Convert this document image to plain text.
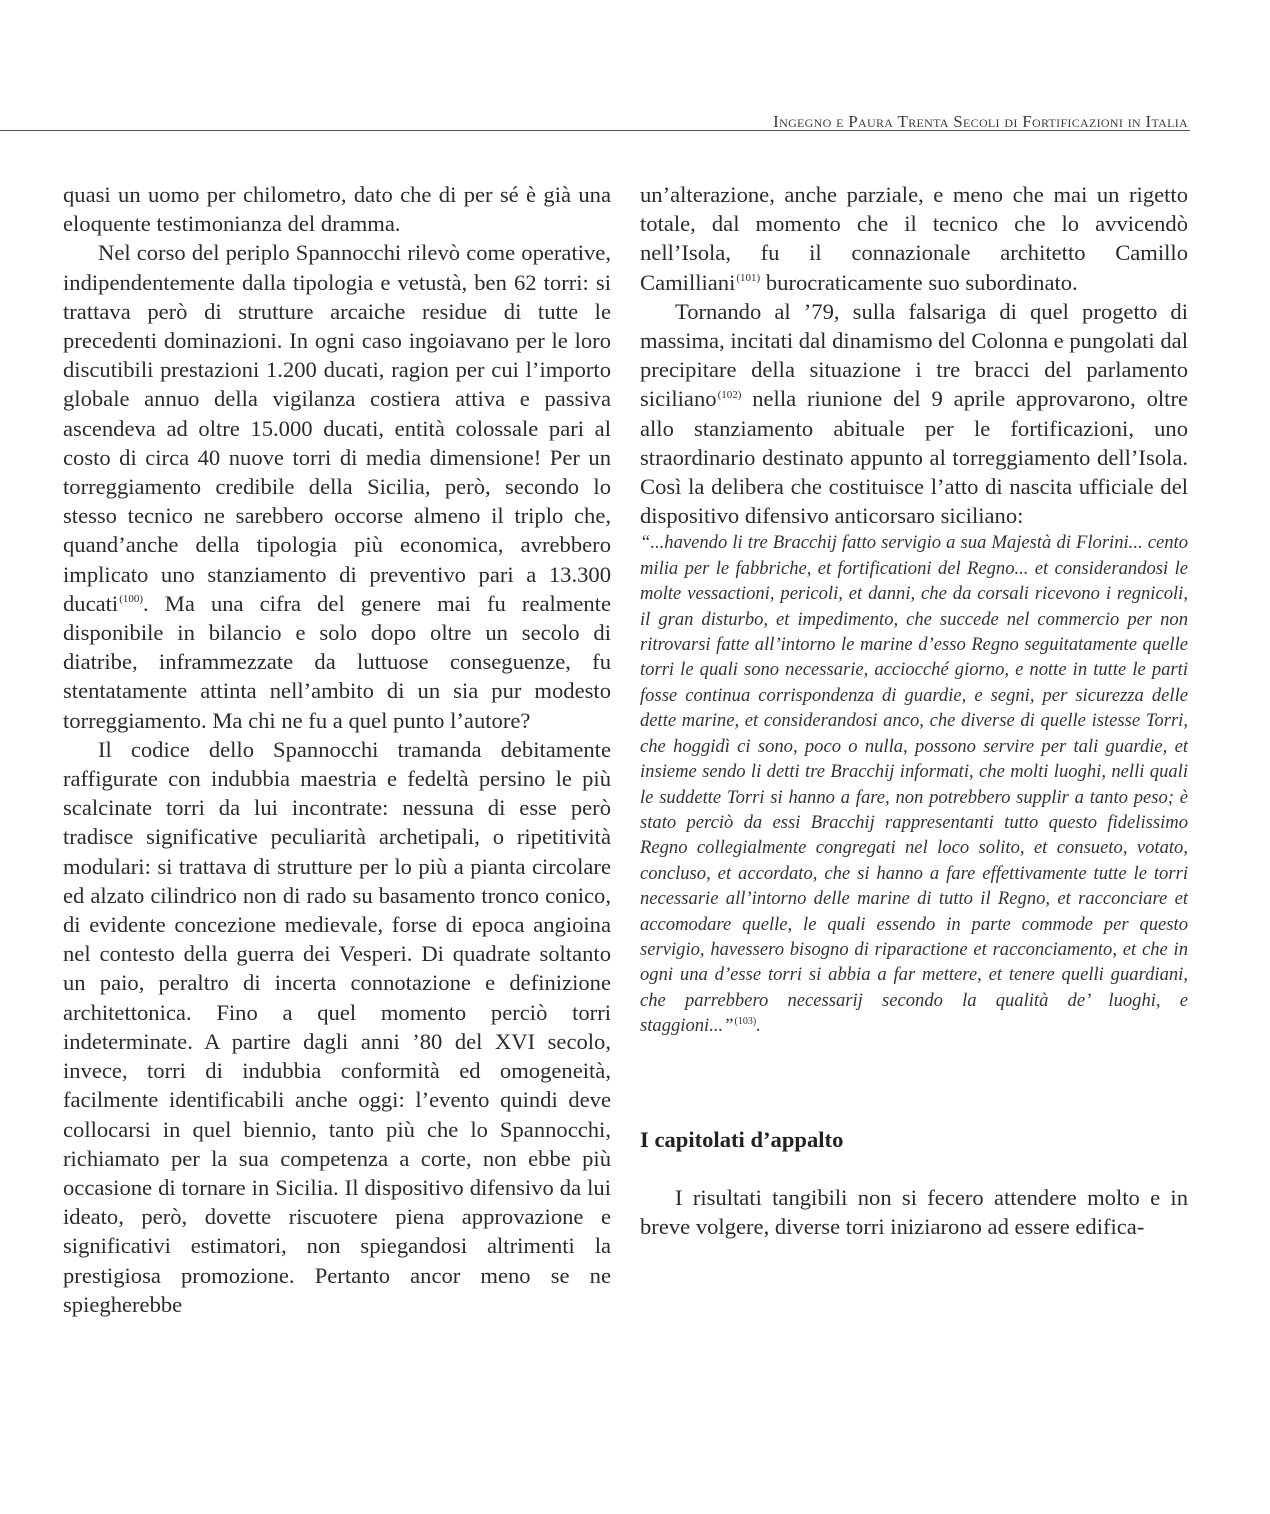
Ingegno e Paura Trenta Secoli di Fortificazioni in Italia

quasi un uomo per chilometro, dato che di per sé è già una eloquente testimonianza del dramma.

Nel corso del periplo Spannocchi rilevò come operative, indipendentemente dalla tipologia e vetustà, ben 62 torri: si trattava però di strutture arcaiche residue di tutte le precedenti dominazioni. In ogni caso ingoiavano per le loro discutibili prestazioni 1.200 ducati, ragion per cui l’importo globale annuo della vigilanza costiera attiva e passiva ascendeva ad oltre 15.000 ducati, entità colossale pari al costo di circa 40 nuove torri di media dimensione! Per un torreggiamento credibile della Sicilia, però, secondo lo stesso tecnico ne sarebbero occorse almeno il triplo che, quand’anche della tipologia più economica, avrebbero implicato uno stanziamento di preventivo pari a 13.300 ducati$^{(100)}$. Ma una cifra del genere mai fu realmente disponibile in bilancio e solo dopo oltre un secolo di diatribe, inframmezzate da luttuose conseguenze, fu stentatamente attinta nell’ambito di un sia pur modesto torreggiamento. Ma chi ne fu a quel punto l’autore?

Il codice dello Spannocchi tramanda debitamente raffigurate con indubbia maestria e fedeltà persino le più scalcinate torri da lui incontrate: nessuna di esse però tradisce significative peculiarità archetipali, o ripetitività modulari: si trattava di strutture per lo più a pianta circolare ed alzato cilindrico non di rado su basamento tronco conico, di evidente concezione medievale, forse di epoca angioina nel contesto della guerra dei Vesperi. Di quadrate soltanto un paio, peraltro di incerta connotazione e definizione architettonica. Fino a quel momento perciò torri indeterminate. A partire dagli anni ’80 del XVI secolo, invece, torri di indubbia conformità ed omogeneità, facilmente identificabili anche oggi: l’evento quindi deve collocarsi in quel biennio, tanto più che lo Spannocchi, richiamato per la sua competenza a corte, non ebbe più occasione di tornare in Sicilia. Il dispositivo difensivo da lui ideato, però, dovette riscuotere piena approvazione e significativi estimatori, non spiegandosi altrimenti la prestigiosa promozione. Pertanto ancor meno se ne spiegherebbe

un’alterazione, anche parziale, e meno che mai un rigetto totale, dal momento che il tecnico che lo avvicendò nell’Isola, fu il connazionale architetto Camillo Camilliani$^{(101)}$ burocraticamente suo subordinato.

Tornando al ’79, sulla falsariga di quel progetto di massima, incitati dal dinamismo del Colonna e pungolati dal precipitare della situazione i tre bracci del parlamento siciliano$^{(102)}$ nella riunione del 9 aprile approvarono, oltre allo stanziamento abituale per le fortificazioni, uno straordinario destinato appunto al torreggiamento dell’Isola. Così la delibera che costituisce l’atto di nascita ufficiale del dispositivo difensivo anticorsaro siciliano:

“...havendo li tre Bracchij fatto servigio a sua Majestà di Florini... cento milia per le fabbriche, et fortificationi del Regno... et considerandosi le molte vessactioni, pericoli, et danni, che da corsali ricevono i regnicoli, il gran disturbo, et impedimento, che succede nel commercio per non ritrovarsi fatte all’intorno le marine d’esso Regno seguitatamente quelle torri le quali sono necessarie, acciocché giorno, e notte in tutte le parti fosse continua corrispondenza di guardie, e segni, per sicurezza delle dette marine, et considerandosi anco, che diverse di quelle istesse Torri, che hoggidì ci sono, poco o nulla, possono servire per tali guardie, et insieme sendo li detti tre Bracchij informati, che molti luoghi, nelli quali le suddette Torri si hanno a fare, non potrebbero supplir a tanto peso; è stato perciò da essi Bracchij rappresentanti tutto questo fidelissimo Regno collegialmente congregati nel loco solito, et consueto, votato, concluso, et accordato, che si hanno a fare effettivamente tutte le torri necessarie all’intorno delle marine di tutto il Regno, et racconciare et accomodare quelle, le quali essendo in parte commode per questo servigio, havessero bisogno di riparactione et racconciamento, et che in ogni una d’esse torri si abbia a far mettere, et tenere quelli guardiani, che parrebbero necessarij secondo la qualità de’ luoghi, e staggioni...”$^{(103)}$.

I capitolati d’appalto

I risultati tangibili non si fecero attendere molto e in breve volgere, diverse torri iniziarono ad essere edifica-
